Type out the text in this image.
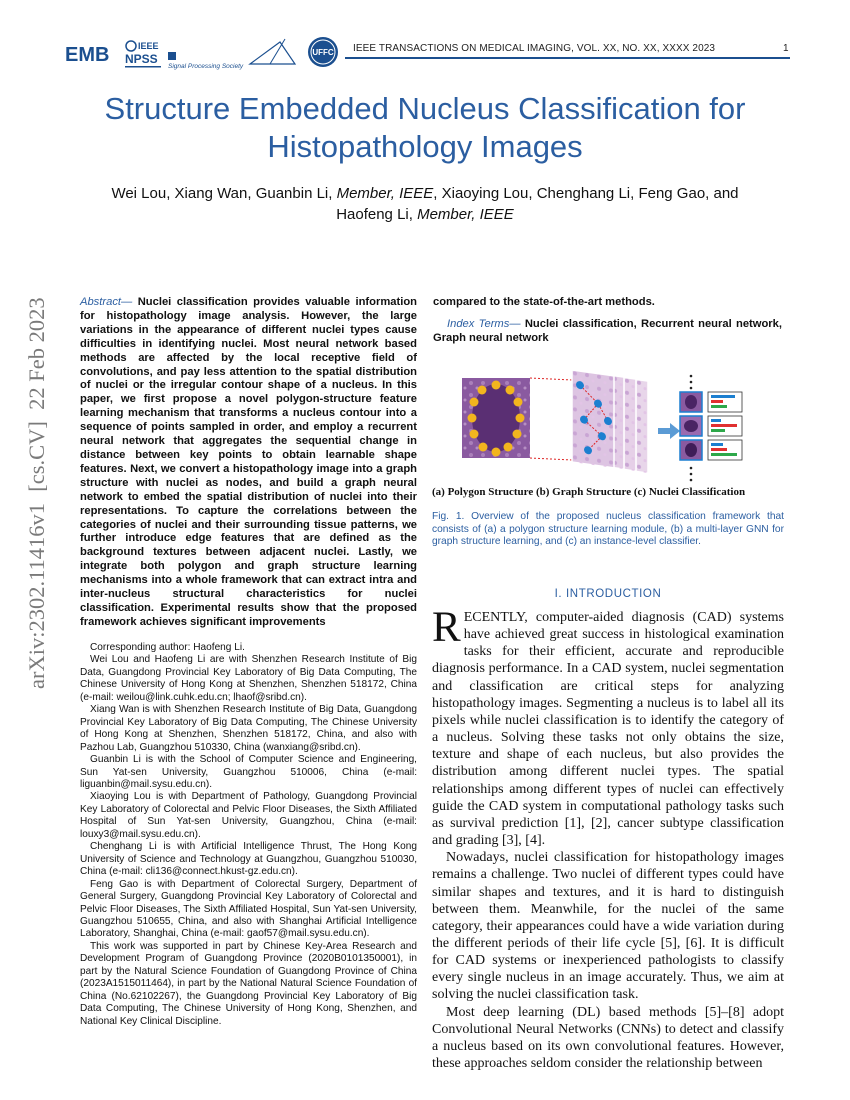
EMB	IEEE
NPSS
Signal Processing Society
UFFC IEEE TRANSACTIONS ON MEDICAL IMAGING, VOL. XX, NO. XX, XXXX 2023	1
Structure Embedded Nucleus Classification for Histopathology Images
Wei Lou, Xiang Wan, Guanbin Li, Member, IEEE, Xiaoying Lou, Chenghang Li, Feng Gao, and
Haofeng Li, Member, IEEE
arXiv:2302.11416v1  [cs.CV]  22 Feb 2023	Abstract— Nuclei classification provides valuable information for histopathology image analysis. However, the large variations in the appearance of different nuclei types cause difficulties in identifying nuclei. Most neural network based methods are affected by the local receptive field of convolutions, and pay less attention to the spatial distribution of nuclei or the irregular contour shape of a nucleus. In this paper, we first propose a novel polygon-structure feature learning mechanism that transforms a nucleus contour into a sequence of points sampled in order, and employ a recurrent neural network that aggregates the sequential change in distance between key points to obtain learnable shape features. Next, we convert a histopathology image into a graph structure with nuclei as nodes, and build a graph neural network to embed the spatial distribution of nuclei into their representations. To capture the correlations between the categories of nuclei and their surrounding tissue patterns, we further introduce edge features that are defined as the background textures between adjacent nuclei. Lastly, we integrate both polygon and graph structure learning mechanisms into a whole framework that can extract intra and inter-nucleus structural characteristics for nuclei classification. Experimental results show that the proposed framework achieves significant improvements

Corresponding author: Haofeng Li.

Wei Lou and Haofeng Li are with Shenzhen Research Institute of Big Data, Guangdong Provincial Key Laboratory of Big Data Computing, The Chinese University of Hong Kong at Shenzhen, Shenzhen 518172, China (e-mail: weilou@link.cuhk.edu.cn; lhaof@sribd.cn).

Xiang Wan is with Shenzhen Research Institute of Big Data, Guangdong Provincial Key Laboratory of Big Data Computing, The Chinese University of Hong Kong at Shenzhen, Shenzhen 518172, China, and also with Pazhou Lab, Guangzhou 510330, China (wanxiang@sribd.cn).

Guanbin Li is with the School of Computer Science and Engineering, Sun Yat-sen University, Guangzhou 510006, China (e-mail: liguanbin@mail.sysu.edu.cn).

Xiaoying Lou is with Department of Pathology, Guangdong Provincial Key Laboratory of Colorectal and Pelvic Floor Diseases, the Sixth Affiliated Hospital of Sun Yat-sen University, Guangzhou, China (e-mail: louxy3@mail.sysu.edu.cn).

Chenghang Li is with Artificial Intelligence Thrust, The Hong Kong University of Science and Technology at Guangzhou, Guangzhou 510030, China (e-mail: cli136@connect.hkust-gz.edu.cn).

Feng Gao is with Department of Colorectal Surgery, Department of General Surgery, Guangdong Provincial Key Laboratory of Colorectal and Pelvic Floor Diseases, The Sixth Affiliated Hospital, Sun Yat-sen University, Guangzhou 510655, China, and also with Shanghai Artificial Intelligence Laboratory, Shanghai, China (e-mail: gaof57@mail.sysu.edu.cn).

This work was supported in part by Chinese Key-Area Research and Development Program of Guangdong Province (2020B0101350001), in part by the Natural Science Foundation of Guangdong Province of China (2023A1515011464), in part by the National Natural Science Foundation of China (No.62102267), the Guangdong Provincial Key Laboratory of Big Data Computing, The Chinese University of Hong Kong, Shenzhen, and National Key Clinical Discipline.

compared to the state-of-the-art methods.
Index Terms— Nuclei classification, Recurrent neural network, Graph neural network
(a) Polygon Structure (b) Graph Structure (c) Nuclei Classification
Fig. 1. Overview of the proposed nucleus classification framework that consists of (a) a polygon structure learning module, (b) a multi-layer GNN for graph structure learning, and (c) an instance-level classifier.
I. INTRODUCTION

RECENTLY, computer-aided diagnosis (CAD) systems have achieved great success in histological examination tasks for their efficient, accurate and reproducible diagnosis performance. In a CAD system, nuclei segmentation and classification are critical steps for analyzing histopathology images. Segmenting a nucleus is to label all its pixels while nuclei classification is to identify the category of a nucleus. Solving these tasks not only obtains the size, texture and shape of each nucleus, but also provides the distribution among different nuclei types. The spatial relationships among different types of nuclei can effectively guide the CAD system in computational pathology tasks such as survival prediction [1], [2], cancer subtype classification and grading [3], [4].

Nowadays, nuclei classification for histopathology images remains a challenge. Two nuclei of different types could have similar shapes and textures, and it is hard to distinguish between them. Meanwhile, for the nuclei of the same category, their appearances could have a wide variation during the different periods of their life cycle [5], [6]. It is difficult for CAD systems or inexperienced pathologists to classify every single nucleus in an image accurately. Thus, we aim at solving the nuclei classification task.

Most deep learning (DL) based methods [5]–[8] adopt Convolutional Neural Networks (CNNs) to detect and classify a nucleus based on its own convolutional features. However, these approaches seldom consider the relationship between
